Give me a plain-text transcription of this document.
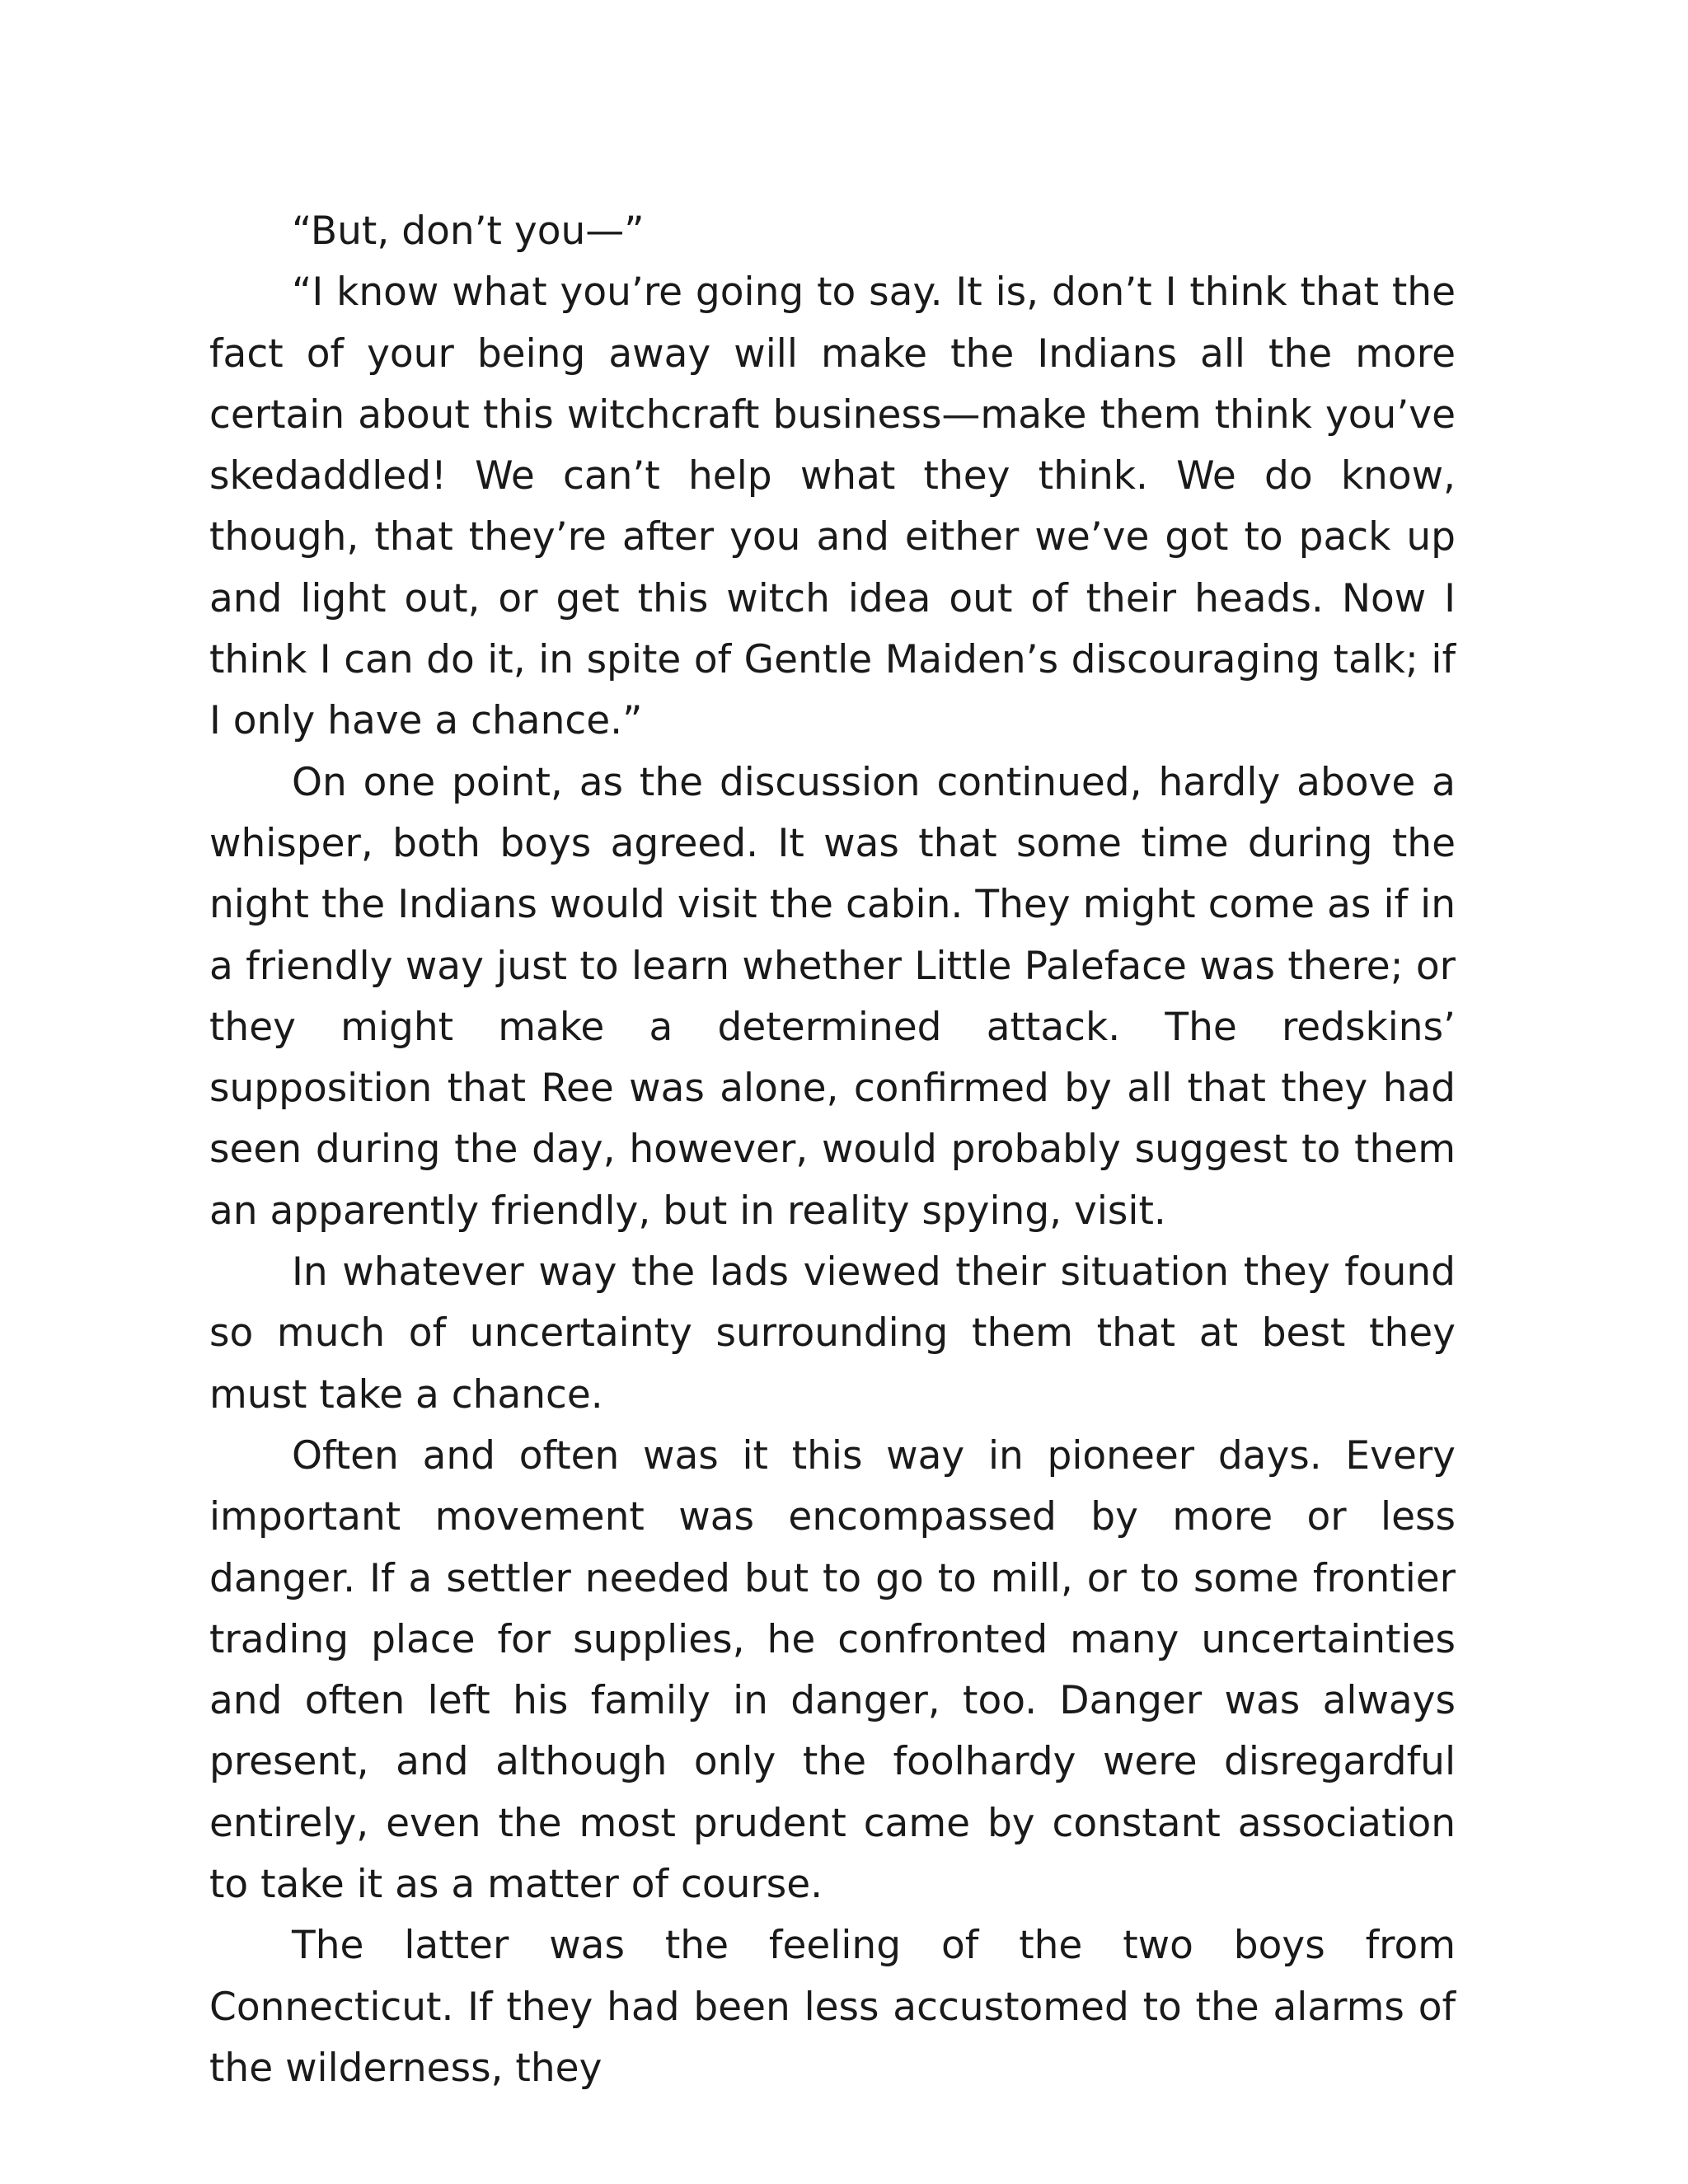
“But, don’t you—”

“I know what you’re going to say. It is, don’t I think that the fact of your being away will make the Indians all the more certain about this witchcraft business—make them think you’ve skedaddled! We can’t help what they think. We do know, though, that they’re after you and either we’ve got to pack up and light out, or get this witch idea out of their heads. Now I think I can do it, in spite of Gentle Maiden’s discouraging talk; if I only have a chance.”

On one point, as the discussion continued, hardly above a whisper, both boys agreed. It was that some time during the night the Indians would visit the cabin. They might come as if in a friendly way just to learn whether Little Paleface was there; or they might make a determined attack. The redskins’ supposition that Ree was alone, confirmed by all that they had seen during the day, however, would probably suggest to them an apparently friendly, but in reality spying, visit.

In whatever way the lads viewed their situation they found so much of uncertainty surrounding them that at best they must take a chance.

Often and often was it this way in pioneer days. Every important movement was encompassed by more or less danger. If a settler needed but to go to mill, or to some frontier trading place for supplies, he confronted many uncertainties and often left his family in danger, too. Danger was always present, and although only the foolhardy were disregardful entirely, even the most prudent came by constant association to take it as a matter of course.

The latter was the feeling of the two boys from Connecticut. If they had been less accustomed to the alarms of the wilderness, they
